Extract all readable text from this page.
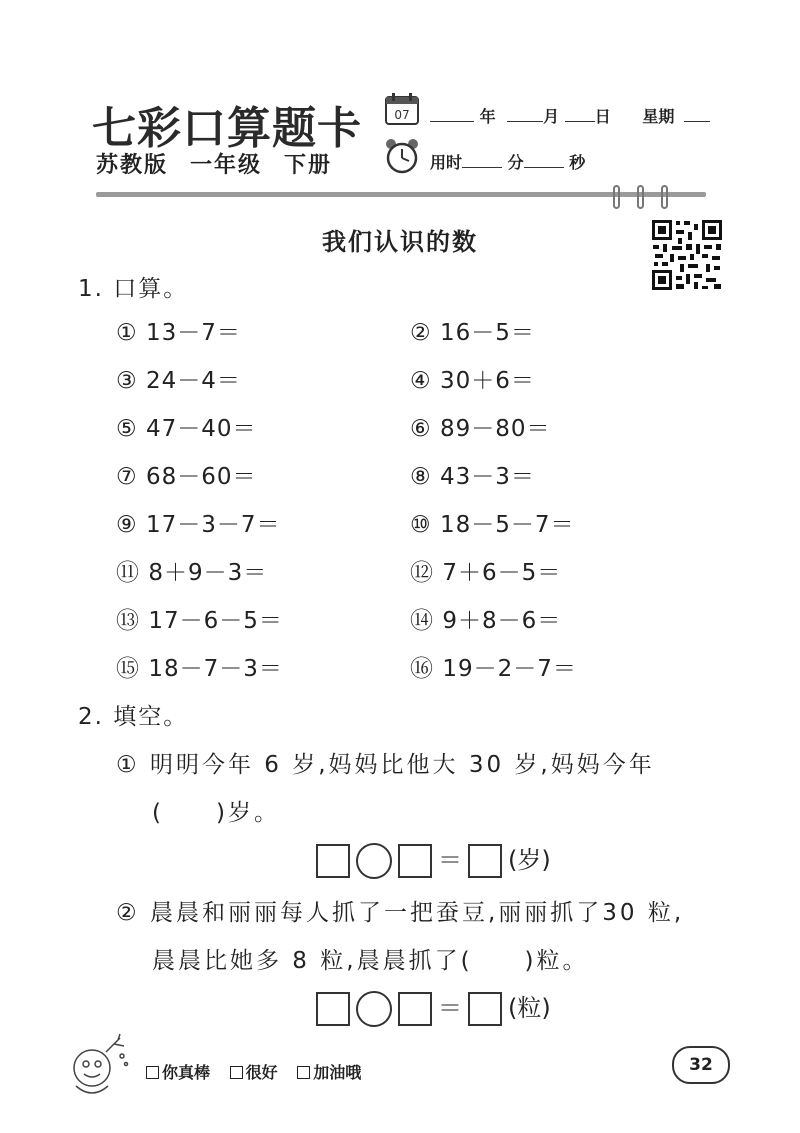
七彩口算题卡
苏教版 一年级 下册
07	年	月 日 星期
用时	分	秒
我们认识的数
1. 口算。
① 13－7＝	② 16－5＝
③ 24－4＝	④ 30＋6＝
⑤ 47－40＝	⑥ 89－80＝
⑦ 68－60＝	⑧ 43－3＝
⑨ 17－3－7＝	⑩ 18－5－7＝
⑪ 8＋9－3＝	⑫ 7＋6－5＝
⑬ 17－6－5＝	⑭ 9＋8－6＝
⑮ 18－7－3＝	⑯ 19－2－7＝
2. 填空。
① 明明今年 6 岁,妈妈比他大 30 岁,妈妈今年
(　　)岁。
＝ (岁)
② 晨晨和丽丽每人抓了一把蚕豆,丽丽抓了30 粒,
晨晨比她多 8 粒,晨晨抓了(　　)粒。
＝ (粒)
你真棒 很好 加油哦	32
